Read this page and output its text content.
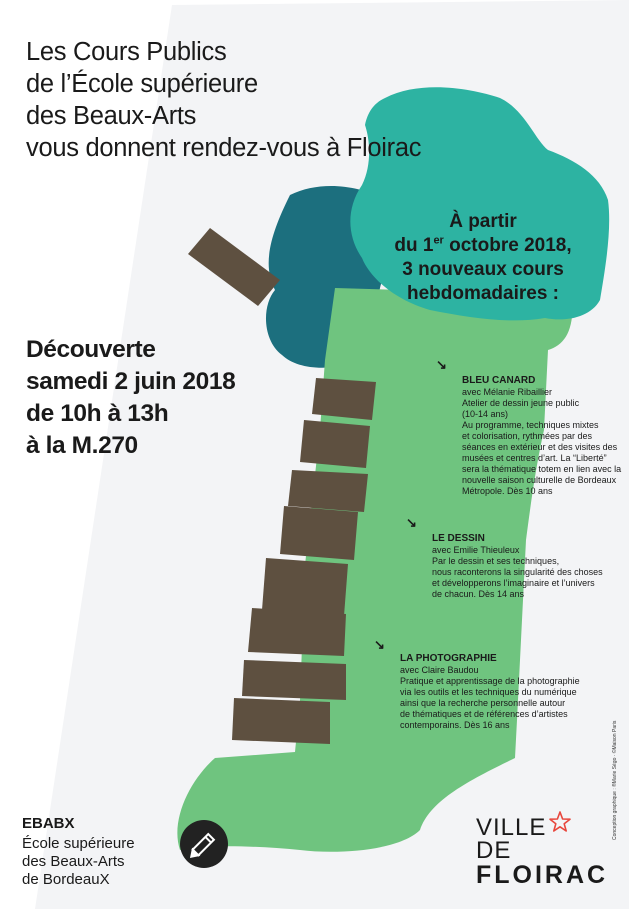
Les Cours Publics
de l’École supérieure
des Beaux-Arts
vous donnent rendez-vous à Floirac
À partir
du 1er octobre 2018,
3 nouveaux cours
hebdomadaires :
Découverte
samedi 2 juin 2018
de 10h à 13h
à la M.270
↘
BLEU CANARD
avec Mélanie Ribaillier
Atelier de dessin jeune public
(10-14 ans)
Au programme, techniques mixtes
et colorisation, rythmées par des
séances en extérieur et des visites des
musées et centres d’art. La “Liberté”
sera la thématique totem en lien avec la
nouvelle saison culturelle de Bordeaux
Métropole. Dès 10 ans
↘
LE DESSIN
avec Emilie Thieuleux
Par le dessin et ses techniques,
nous raconterons la singularité des choses
et développerons l’imaginaire et l’univers
de chacun. Dès 14 ans
↘
LA PHOTOGRAPHIE
avec Claire Baudou
Pratique et apprentissage de la photographie
via les outils et les techniques du numérique
ainsi que la recherche personnelle autour
de thématiques et de références d’artistes
contemporains. Dès 16 ans	Conception graphique : ®Marie Ségo · ©Maison Paris
EBABX
École supérieure
des Beaux-Arts
de BordeauX
VILLE
DE
FLOIRAC
